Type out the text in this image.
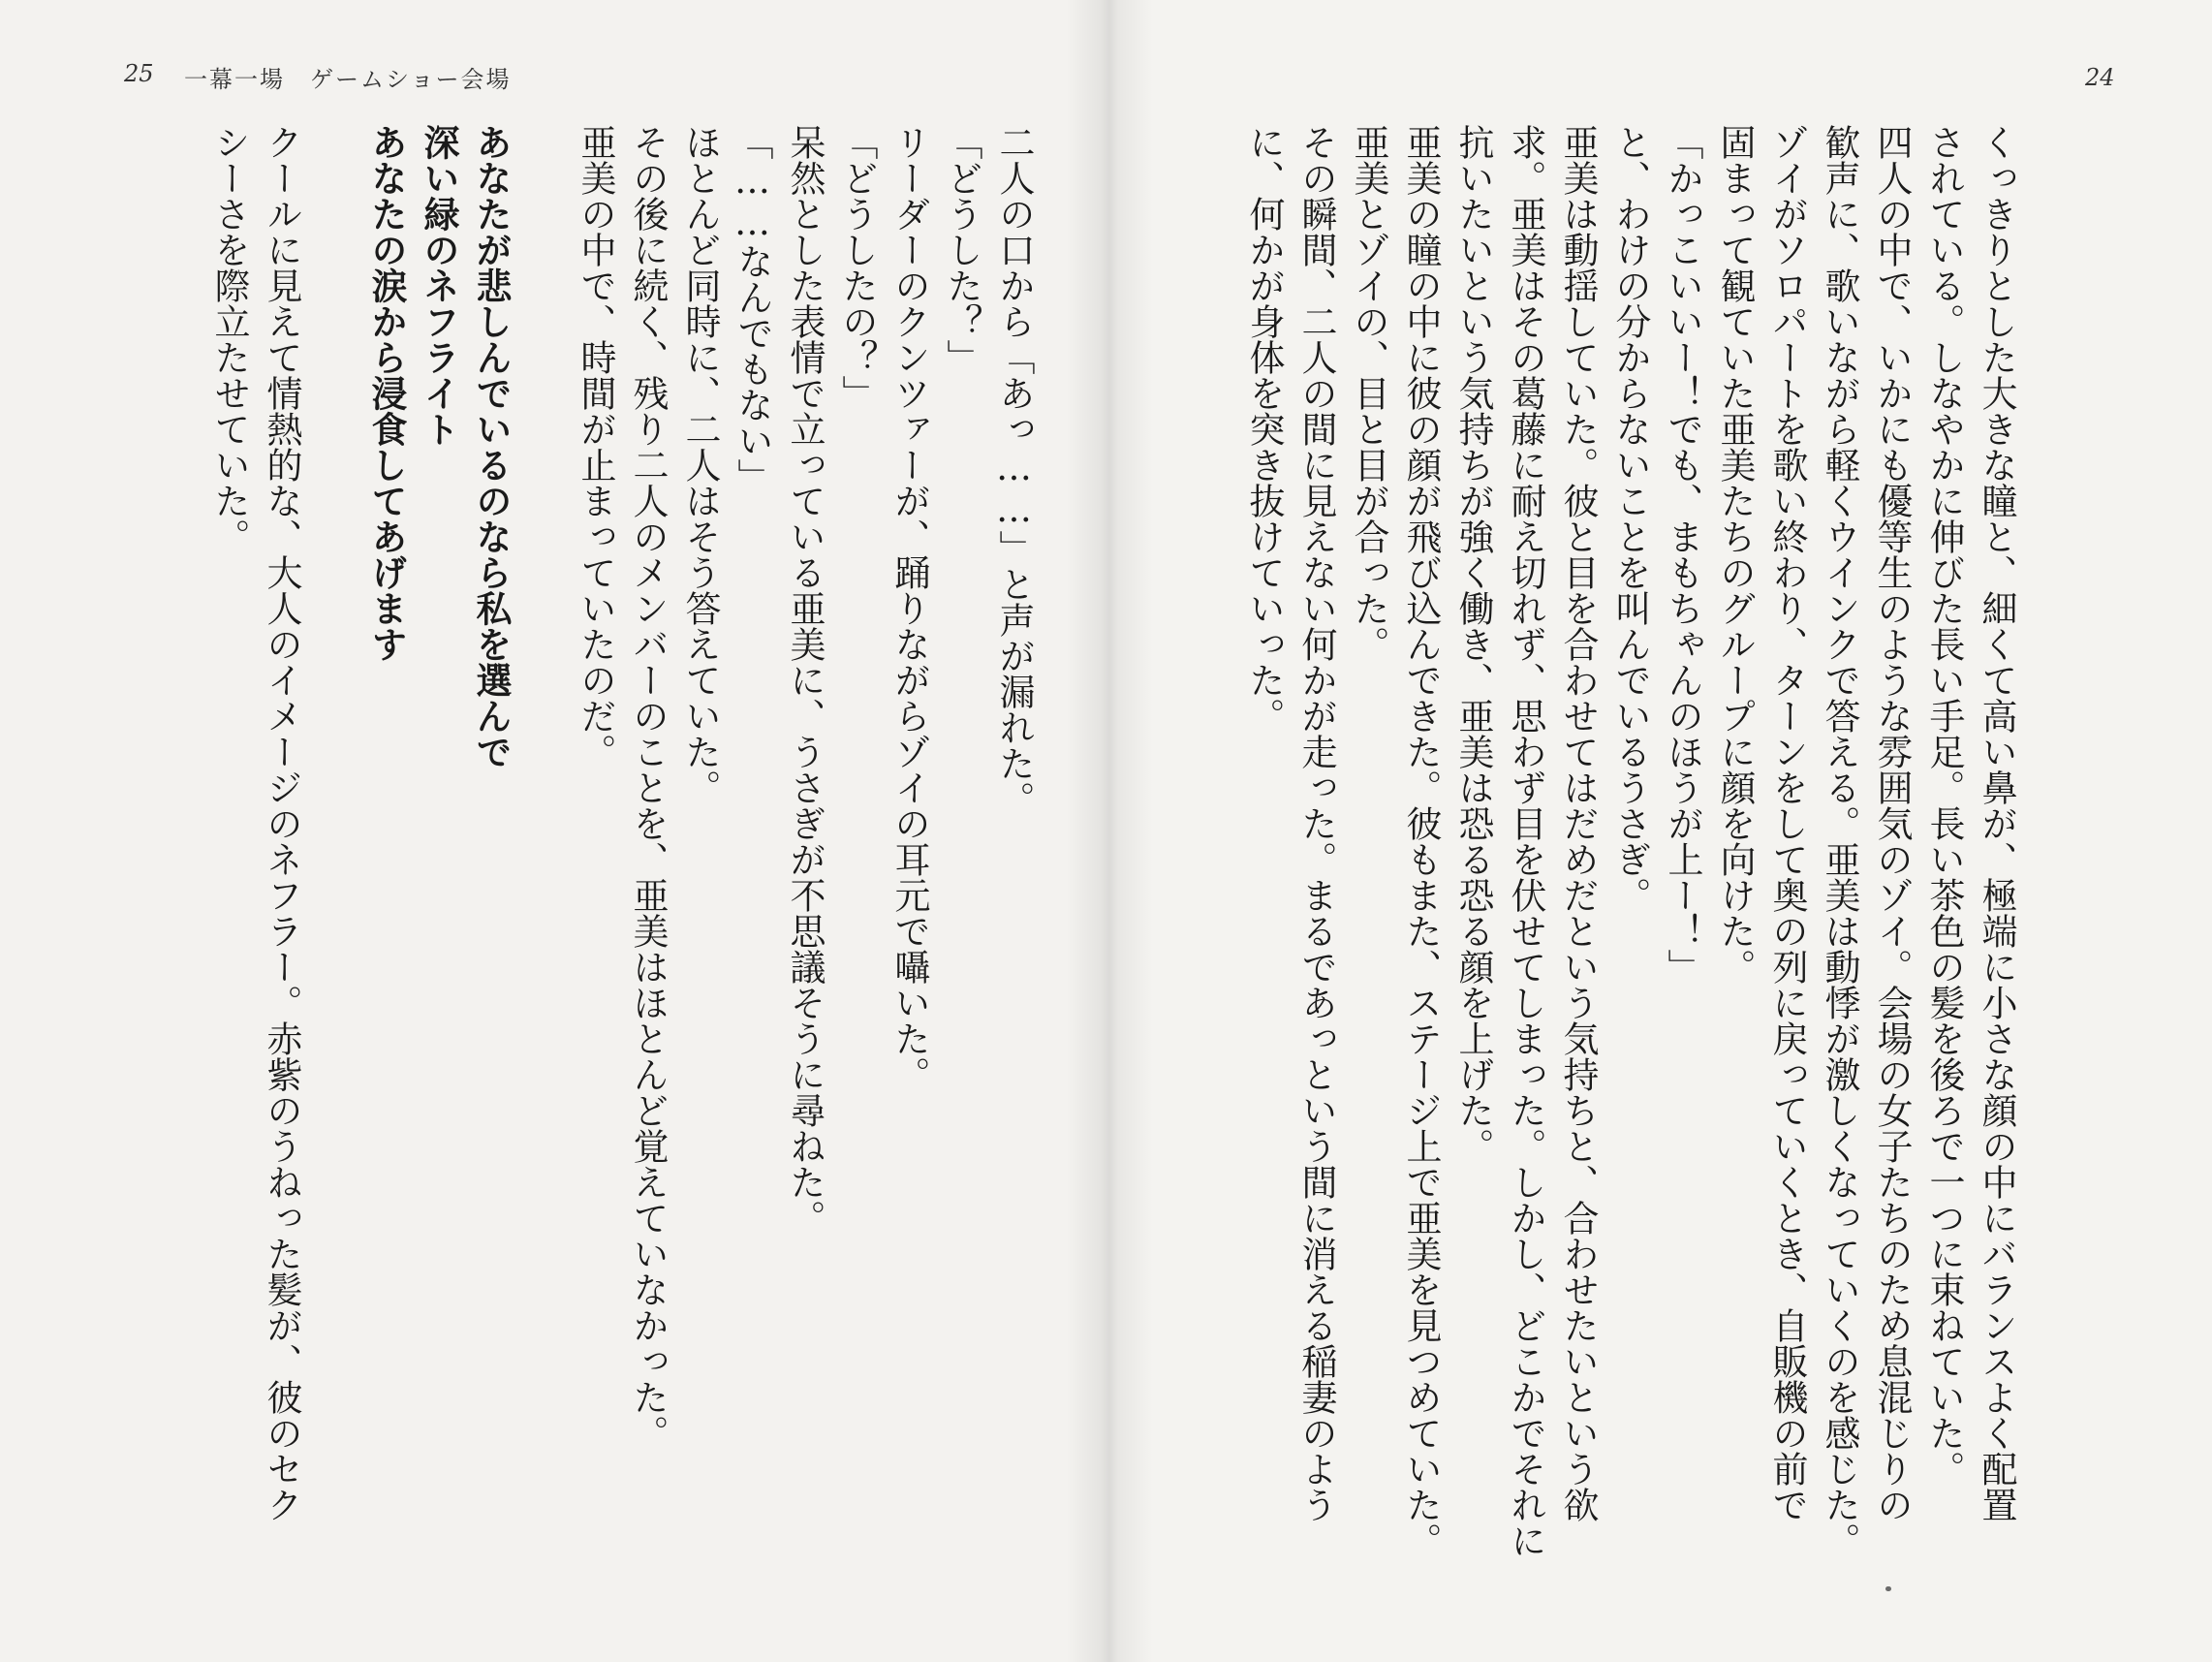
25 一幕一場　ゲームショー会場	24
二人の口から「あっ……」と声が漏れた。
「どうした？」
リーダーのクンツァーが、踊りながらゾイの耳元で囁いた。
「どうしたの？」
呆然とした表情で立っている亜美に、うさぎが不思議そうに尋ねた。
「……なんでもない」
ほとんど同時に、二人はそう答えていた。
その後に続く、残り二人のメンバーのことを、亜美はほとんど覚えていなかった。
亜美の中で、時間が止まっていたのだ。
あなたが悲しんでいるのなら私を選んで
深い緑のネフライト
あなたの涙から浸食してあげます
クールに見えて情熱的な、大人のイメージのネフラー。赤紫のうねった髪が、彼のセク
シーさを際立たせていた。	くっきりとした大きな瞳と、細くて高い鼻が、極端に小さな顔の中にバランスよく配置
されている。しなやかに伸びた長い手足。長い茶色の髪を後ろで一つに束ねていた。
四人の中で、いかにも優等生のような雰囲気のゾイ。会場の女子たちのため息混じりの
歓声に、歌いながら軽くウインクで答える。亜美は動悸が激しくなっていくのを感じた。
ゾイがソロパートを歌い終わり、ターンをして奥の列に戻っていくとき、自販機の前で
固まって観ていた亜美たちのグループに顔を向けた。
「かっこいいー！でも、まもちゃんのほうが上ー！」
と、わけの分からないことを叫んでいるうさぎ。
亜美は動揺していた。彼と目を合わせてはだめだという気持ちと、合わせたいという欲
求。亜美はその葛藤に耐え切れず、思わず目を伏せてしまった。しかし、どこかでそれに
抗いたいという気持ちが強く働き、亜美は恐る恐る顔を上げた。
亜美の瞳の中に彼の顔が飛び込んできた。彼もまた、ステージ上で亜美を見つめていた。
亜美とゾイの、目と目が合った。
その瞬間、二人の間に見えない何かが走った。まるであっという間に消える稲妻のよう
に、何かが身体を突き抜けていった。
